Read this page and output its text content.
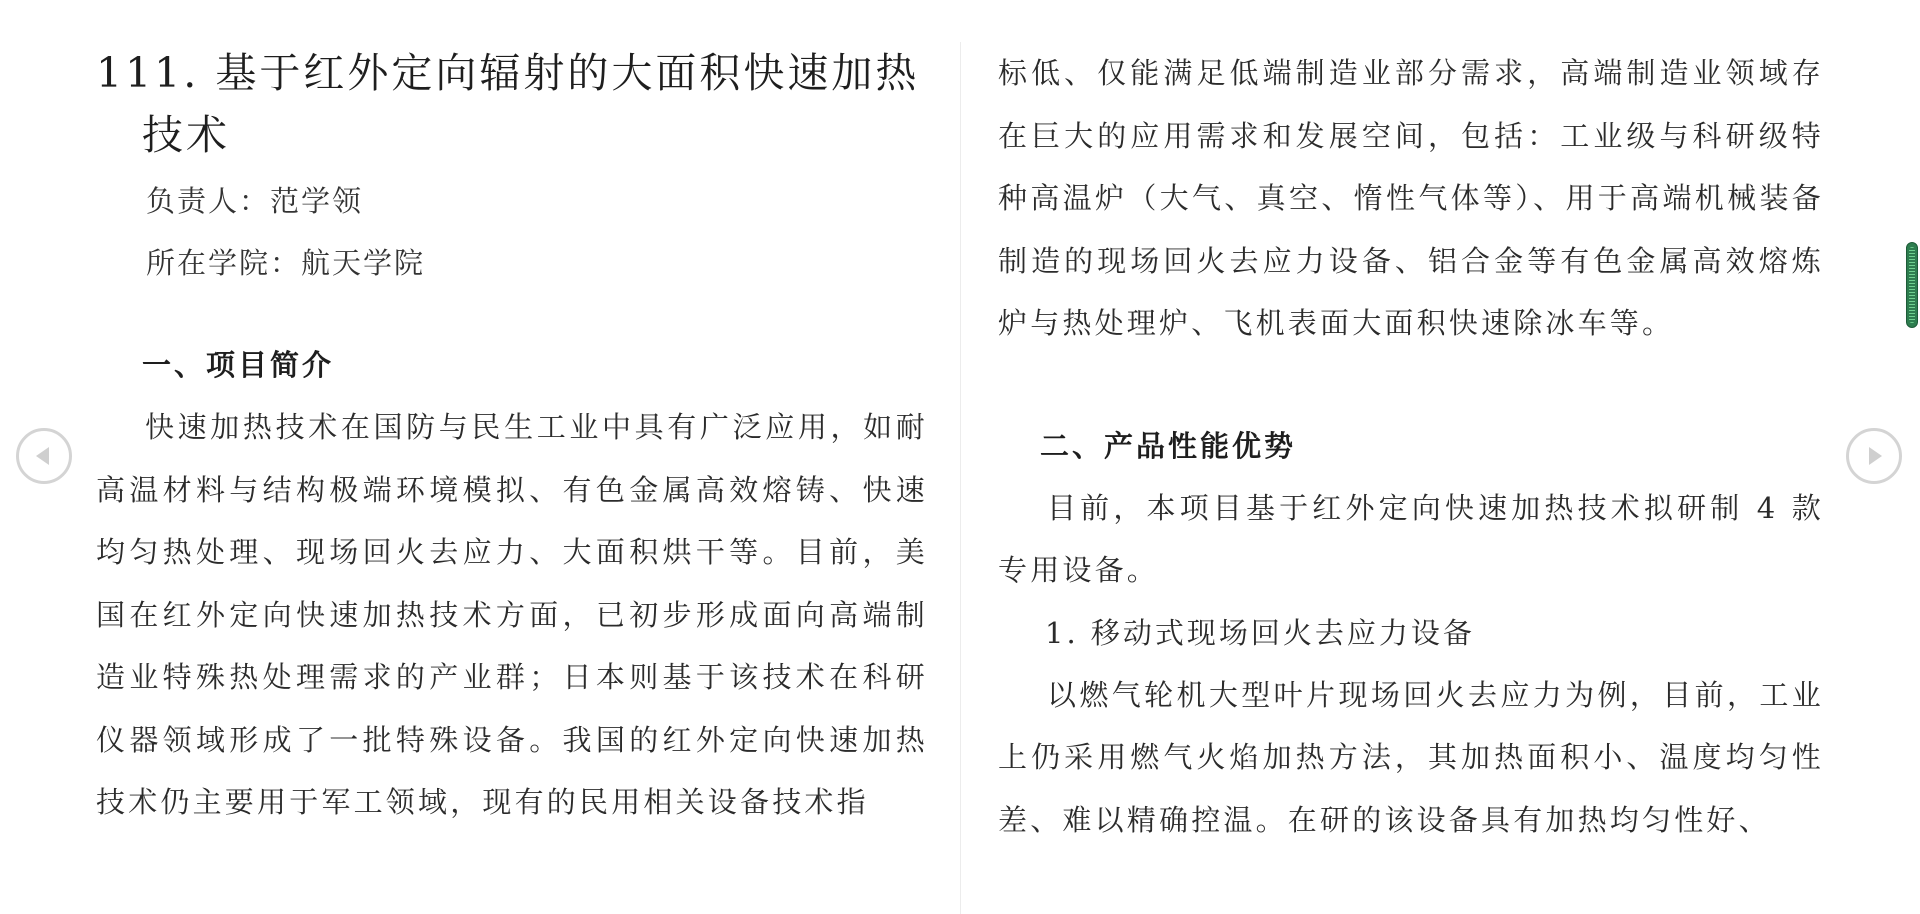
111. 基于红外定向辐射的大面积快速加热技术

负责人：范学领

所在学院：航天学院

一、项目简介

快速加热技术在国防与民生工业中具有广泛应用，如耐高温材料与结构极端环境模拟、有色金属高效熔铸、快速均匀热处理、现场回火去应力、大面积烘干等。目前，美国在红外定向快速加热技术方面，已初步形成面向高端制造业特殊热处理需求的产业群；日本则基于该技术在科研仪器领域形成了一批特殊设备。我国的红外定向快速加热技术仍主要用于军工领域，现有的民用相关设备技术指

标低、仅能满足低端制造业部分需求，高端制造业领域存在巨大的应用需求和发展空间，包括：工业级与科研级特种高温炉（大气、真空、惰性气体等）、用于高端机械装备制造的现场回火去应力设备、铝合金等有色金属高效熔炼炉与热处理炉、飞机表面大面积快速除冰车等。

二、产品性能优势

目前，本项目基于红外定向快速加热技术拟研制 4 款专用设备。

1. 移动式现场回火去应力设备

以燃气轮机大型叶片现场回火去应力为例，目前，工业上仍采用燃气火焰加热方法，其加热面积小、温度均匀性差、难以精确控温。在研的该设备具有加热均匀性好、
